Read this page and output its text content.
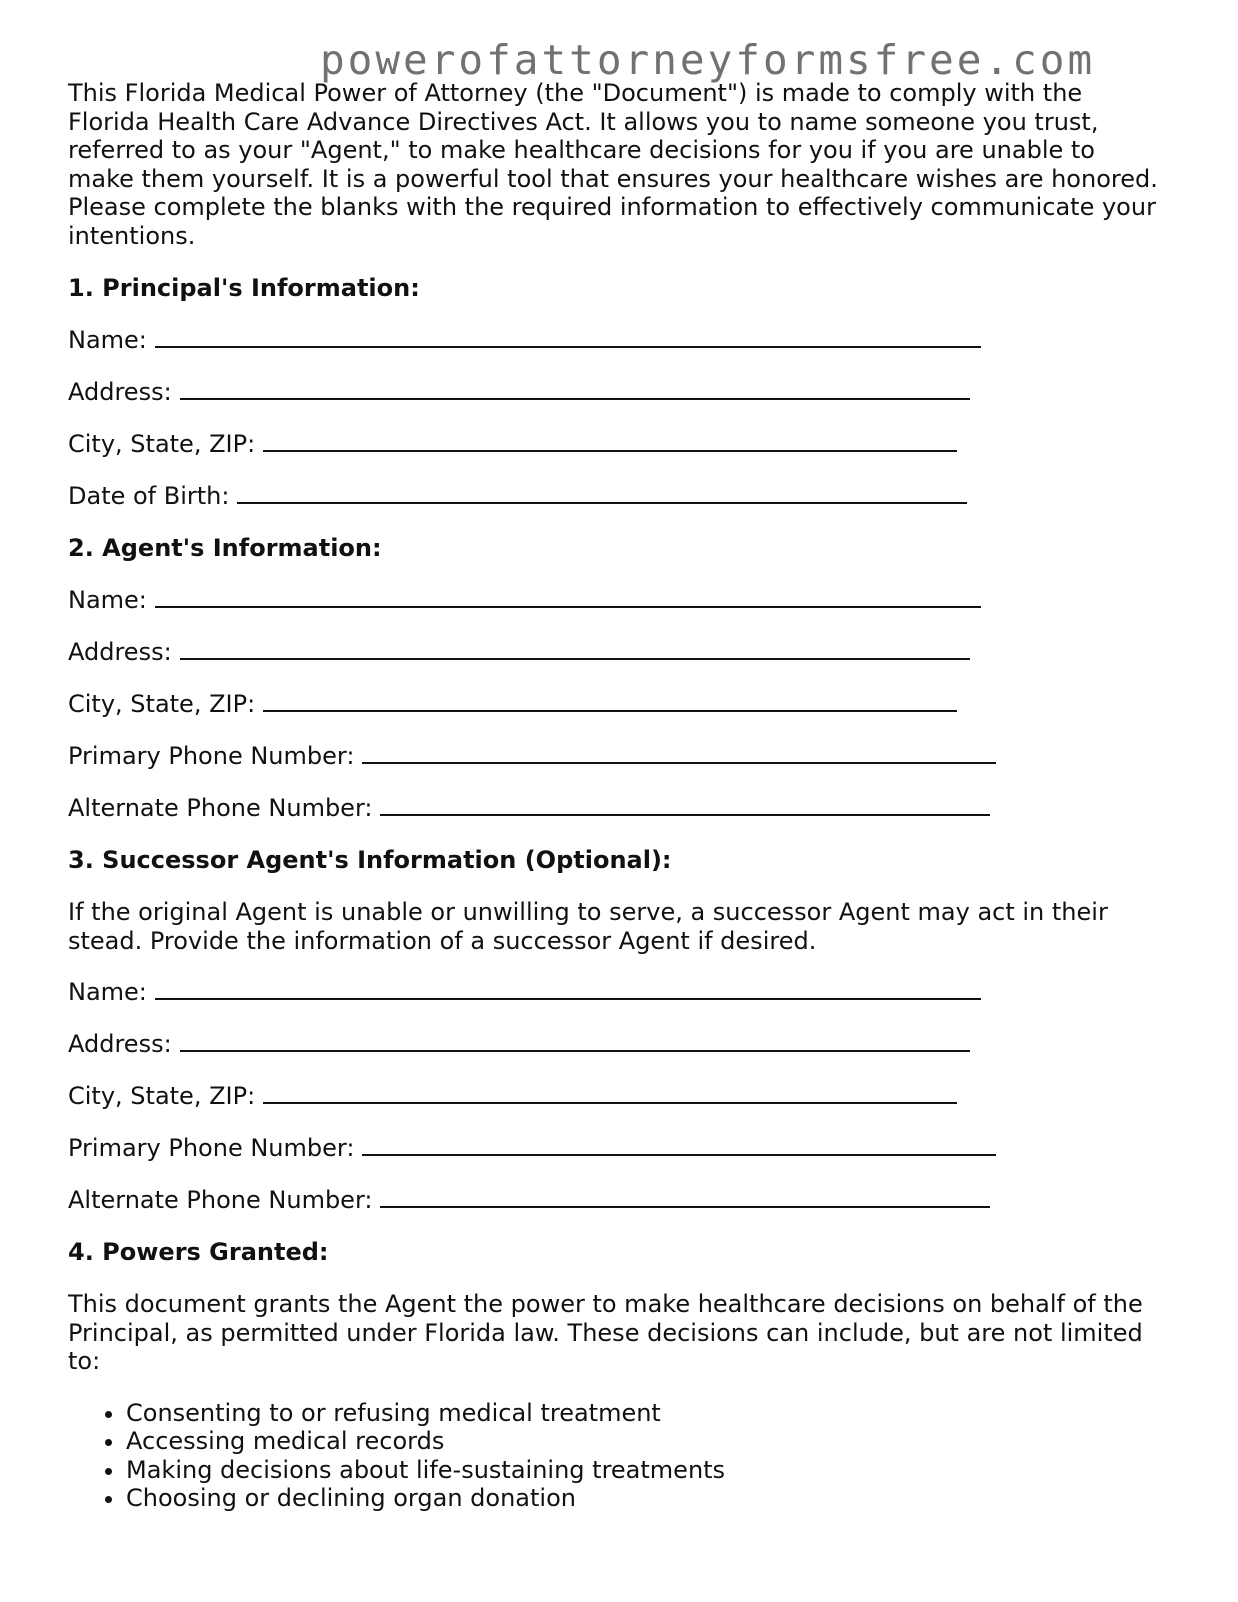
powerofattorneyformsfree.com

This Florida Medical Power of Attorney (the "Document") is made to comply with the Florida Health Care Advance Directives Act. It allows you to name someone you trust, referred to as your "Agent," to make healthcare decisions for you if you are unable to make them yourself. It is a powerful tool that ensures your healthcare wishes are honored. Please complete the blanks with the required information to effectively communicate your intentions.

1. Principal's Information:
Name:
Address:
City, State, ZIP:
Date of Birth:
2. Agent's Information:
Name:
Address:
City, State, ZIP:
Primary Phone Number:
Alternate Phone Number:
3. Successor Agent's Information (Optional):

If the original Agent is unable or unwilling to serve, a successor Agent may act in their stead. Provide the information of a successor Agent if desired.

Name:
Address:
City, State, ZIP:
Primary Phone Number:
Alternate Phone Number:
4. Powers Granted:

This document grants the Agent the power to make healthcare decisions on behalf of the Principal, as permitted under Florida law. These decisions can include, but are not limited to:

• Consenting to or refusing medical treatment
• Accessing medical records
• Making decisions about life-sustaining treatments
• Choosing or declining organ donation
